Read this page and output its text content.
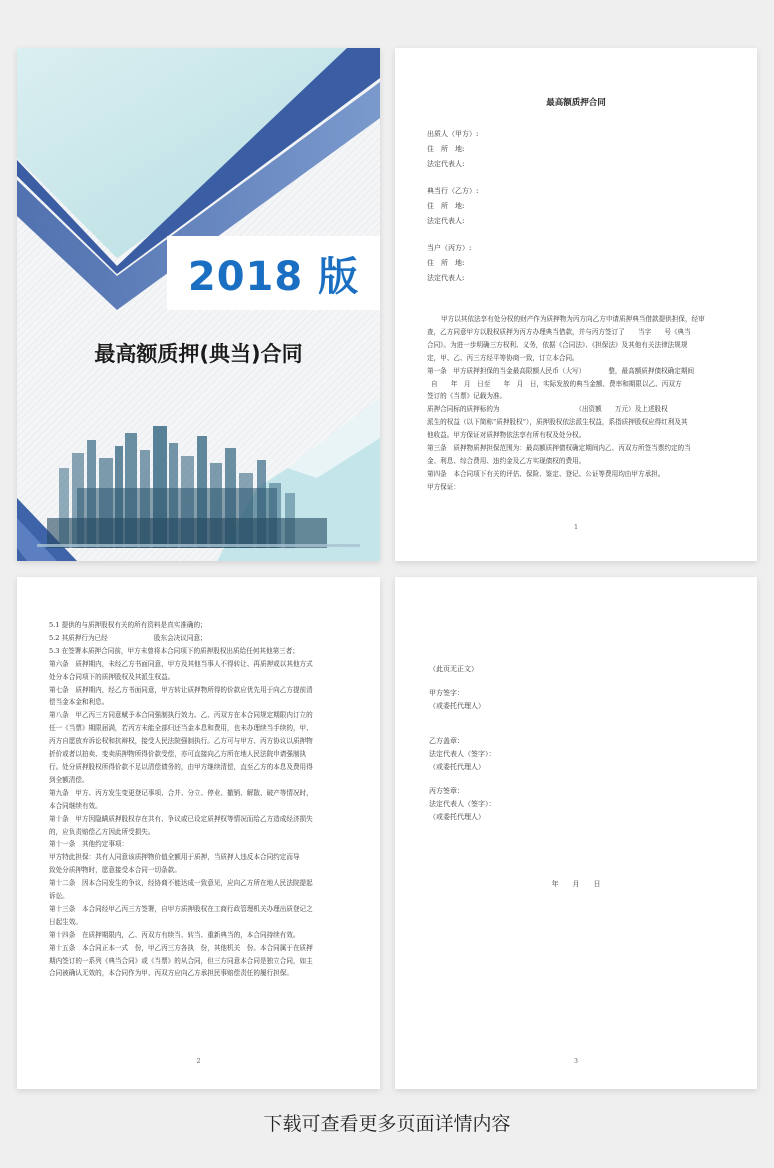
2018 版
最高额质押(典当)合同
最高额质押合同

出质人（甲方）:

住　所　地:

法定代表人:

典当行（乙方）:

住　所　地:

法定代表人:

当户（丙方）:

住　所　地:

法定代表人:

甲方以其依法享有处分权的财产作为质押物为丙方向乙方申请质押典当借款提供担保，经审

查，乙方同意甲方以股权质押为丙方办理典当借款，并与丙方签订了　　当字　　号《典当

合同》。为进一步明确三方权利、义务，依据《合同法》、《担保法》及其他有关法律法规规

定，甲、乙、丙三方经平等协商一致，订立本合同。

第一条　甲方质押担保的当金最高限额人民币（大写）　　　　整，最高额质押债权确定期间

自　　年　月　日至　　年　月　日，实际发放的典当金额、费率和期限以乙、丙双方

签订的《当票》记载为准。

质押合同标的质押标的为　　　　　　　　　　　　（出资额　　万元）及上述股权

派生的权益（以下简称“质押股权”），质押股权依法派生权益，系指质押股权应得红利及其

他收益。甲方保证对质押物依法享有所有权及处分权。

第三条　质押物质押担保范围为：最高额质押债权确定期间内乙、丙双方所签当票约定的当

金、利息、综合费用、违约金及乙方实现债权的费用。

第四条　本合同项下有关的评估、保险、鉴定、登记、公证等费用均由甲方承担。

甲方保证：

1

5.1 提供的与质押股权有关的所有资料是真实准确的；

5.2 其质押行为已经　　　　　　　股东会决议同意；

5.3 在签署本质押合同前，甲方未曾将本合同项下的质押股权出质给任何其他第三者；

第六条　质押期内，未经乙方书面同意，甲方及其他当事人不得转让、再质押或以其他方式

处分本合同项下的质押股权及其派生权益。

第七条　质押期内，经乙方书面同意，甲方转让质押物所得的价款应优先用于向乙方提前清

偿当金本金和利息。

第八条　甲乙丙三方同意赋予本合同强制执行效力。乙、丙双方在本合同规定期限内订立的

任一《当票》期限届满，若丙方未能全部归还当金本息和费用，也未办理续当手续的，甲、

丙方自愿放弃诉讼权和抗辩权，接受人民法院强制执行。乙方可与甲方、丙方协议以质押物

折价或者以拍卖、变卖质押物所得价款受偿，亦可直接向乙方所在地人民法院申请强制执

行。处分质押股权所得价款不足以清偿债务的，由甲方继续清偿，直至乙方的本息及费用得

到全额清偿。

第九条　甲方、丙方发生变更登记事项、合并、分立、停业、撤销、解散、破产等情况时，

本合同继续有效。

第十条　甲方因隐瞒质押股权存在共有、争议或已设定质押权等情况而给乙方造成经济损失

的，应负责赔偿乙方因此所受损失。

第十一条　其他约定事项：

甲方特此担保：共有人同意该质押物价值全额用于质押，当质押人违反本合同约定而导

致处分质押物时，愿意接受本合同一切条款。

第十二条　因本合同发生的争议，经协商不能达成一致意见，应向乙方所在地人民法院提起

诉讼。

第十三条　本合同经甲乙丙三方签署，自甲方质押股权在工商行政管理机关办理出质登记之

日起生效。

第十四条　在质押期限内，乙、丙双方有续当、转当、重新典当的，本合同持续有效。

第十五条　本合同正本一式　份，甲乙丙三方各执　份，其他机关　份。本合同属于在质押

期内签订的一系列《典当合同》或《当票》的从合同，但三方同意本合同是独立合同，如主

合同被确认无效的，本合同作为甲、丙双方应向乙方承担民事赔偿责任的履行担保。

2

（此页无正文）

甲方签字：

（或委托代理人）

乙方盖章：

法定代表人（签字）：

（或委托代理人）

丙方签章：

法定代表人（签字）：

（或委托代理人）

年　　月　　日
3
下载可查看更多页面详情内容
